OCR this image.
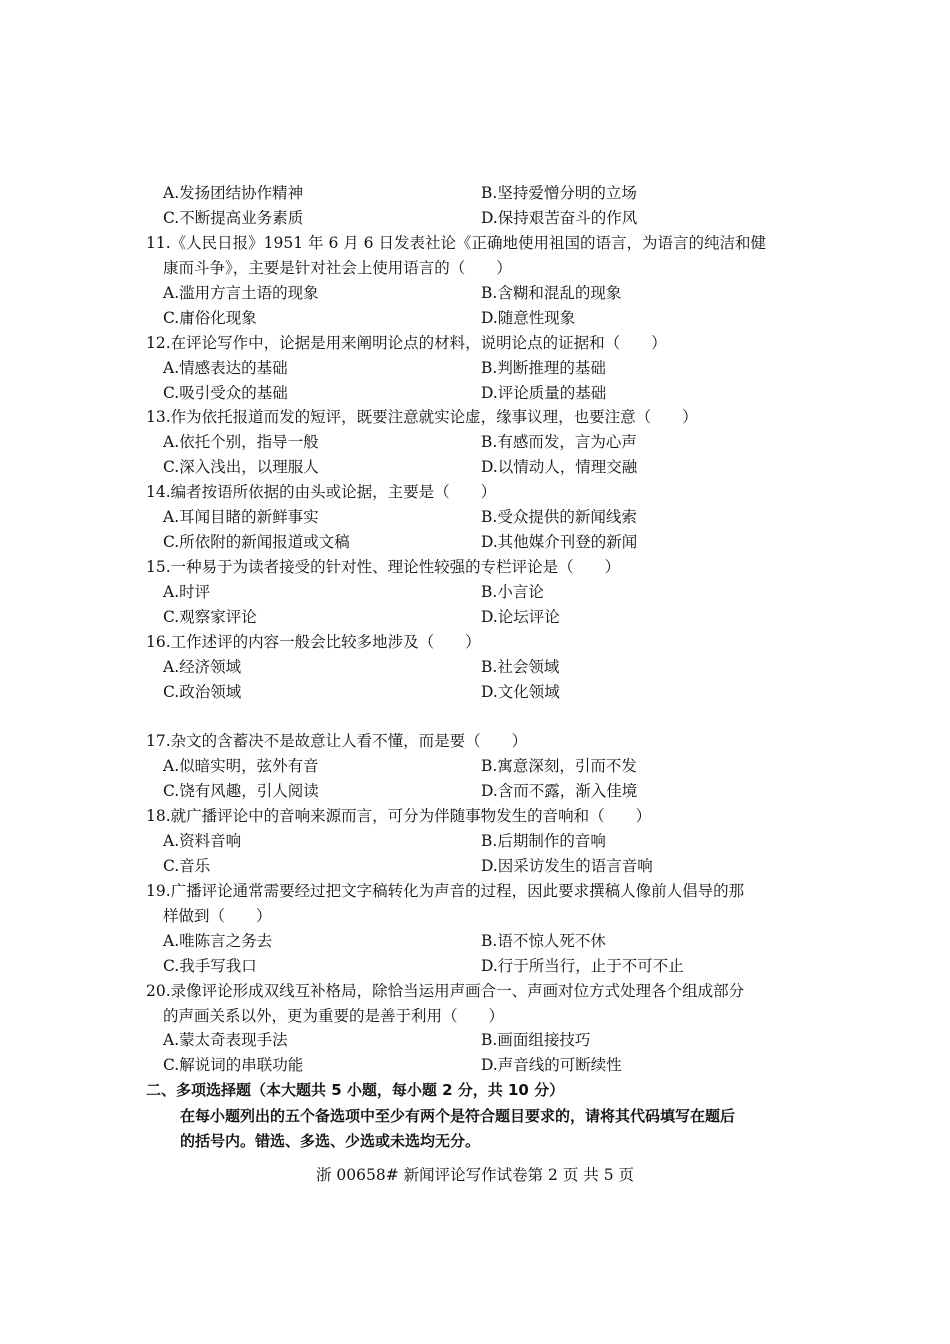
A.发扬团结协作精神	B.坚持爱憎分明的立场
C.不断提高业务素质	D.保持艰苦奋斗的作风
11.《人民日报》1951 年 6 月 6 日发表社论《正确地使用祖国的语言，为语言的纯洁和健
康而斗争》，主要是针对社会上使用语言的（　　）
A.滥用方言土语的现象	B.含糊和混乱的现象
C.庸俗化现象	D.随意性现象
12.在评论写作中，论据是用来阐明论点的材料，说明论点的证据和（　　）
A.情感表达的基础	B.判断推理的基础
C.吸引受众的基础	D.评论质量的基础
13.作为依托报道而发的短评，既要注意就实论虚，缘事议理，也要注意（　　）
A.依托个别，指导一般	B.有感而发，言为心声
C.深入浅出，以理服人	D.以情动人，情理交融
14.编者按语所依据的由头或论据，主要是（　　）
A.耳闻目睹的新鲜事实	B.受众提供的新闻线索
C.所依附的新闻报道或文稿	D.其他媒介刊登的新闻
15.一种易于为读者接受的针对性、理论性较强的专栏评论是（　　）
A.时评	B.小言论
C.观察家评论	D.论坛评论
16.工作述评的内容一般会比较多地涉及（　　）
A.经济领域	B.社会领域
C.政治领域	D.文化领域
17.杂文的含蓄决不是故意让人看不懂，而是要（　　）
A.似暗实明，弦外有音	B.寓意深刻，引而不发
C.饶有风趣，引人阅读	D.含而不露，渐入佳境
18.就广播评论中的音响来源而言，可分为伴随事物发生的音响和（　　）
A.资料音响	B.后期制作的音响
C.音乐	D.因采访发生的语言音响
19.广播评论通常需要经过把文字稿转化为声音的过程，因此要求撰稿人像前人倡导的那
样做到（　　）
A.唯陈言之务去	B.语不惊人死不休
C.我手写我口	D.行于所当行，止于不可不止
20.录像评论形成双线互补格局，除恰当运用声画合一、声画对位方式处理各个组成部分
的声画关系以外，更为重要的是善于利用（　　）
A.蒙太奇表现手法	B.画面组接技巧
C.解说词的串联功能	D.声音线的可断续性
二、多项选择题（本大题共 5 小题，每小题 2 分，共 10 分）
在每小题列出的五个备选项中至少有两个是符合题目要求的，请将其代码填写在题后
的括号内。错选、多选、少选或未选均无分。
浙 00658# 新闻评论写作试卷第 2 页 共 5 页
